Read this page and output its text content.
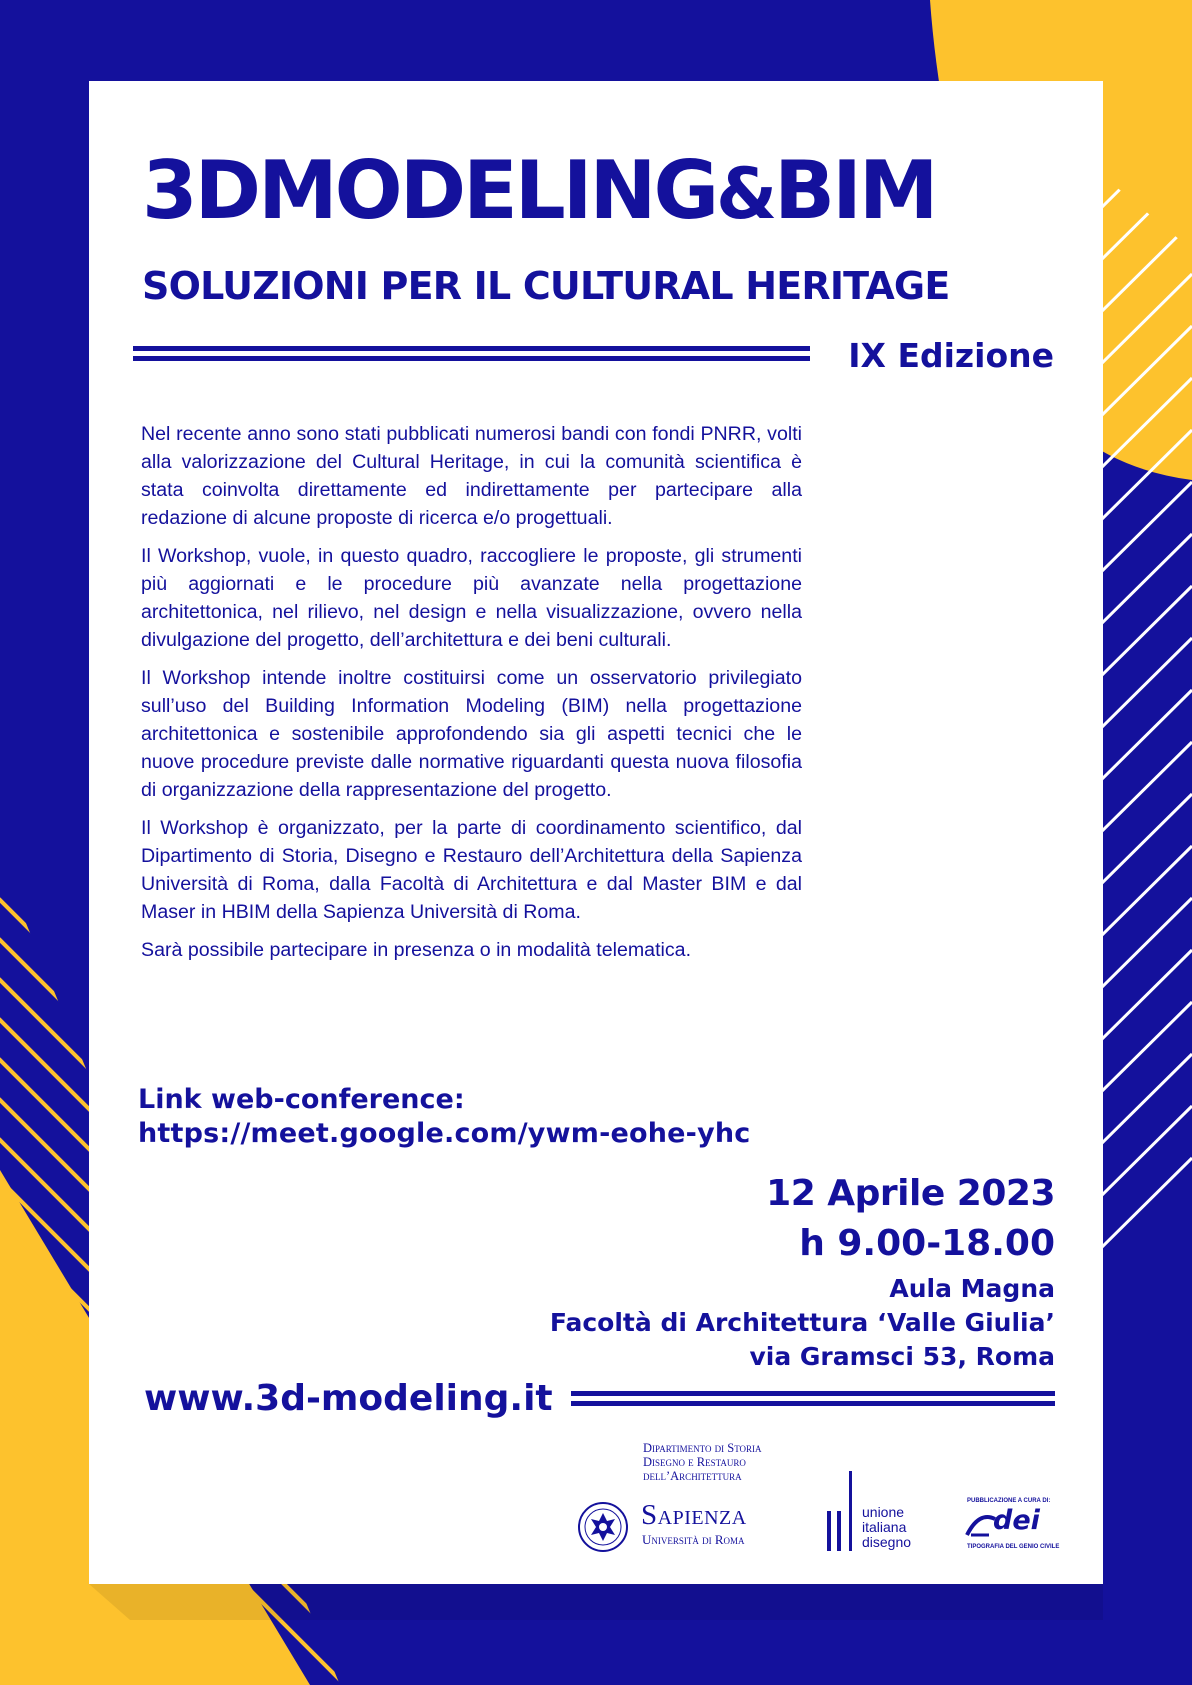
3DMODELING&BIM
SOLUZIONI PER IL CULTURAL HERITAGE
IX Edizione

Nel recente anno sono stati pubblicati numerosi bandi con fondi PNRR, volti alla valorizzazione del Cultural Heritage, in cui la comunità scientifica è stata coinvolta direttamente ed indirettamente per partecipare alla redazione di alcune proposte di ricerca e/o progettuali.

Il Workshop, vuole, in questo quadro, raccogliere le proposte, gli strumenti più aggiornati e le procedure più avanzate nella progettazione architettonica, nel rilievo, nel design e nella visualizzazione, ovvero nella divulgazione del progetto, dell’architettura e dei beni culturali.

Il Workshop intende inoltre costituirsi come un osservatorio privilegiato sull’uso del Building Information Modeling (BIM) nella progettazione architettonica e sostenibile approfondendo sia gli aspetti tecnici che le nuove procedure previste dalle normative riguardanti questa nuova filosofia di organizzazione della rappresentazione del progetto.

Il Workshop è organizzato, per la parte di coordinamento scientifico, dal Dipartimento di Storia, Disegno e Restauro dell’Architettura della Sapienza Università di Roma, dalla Facoltà di Architettura e dal Master BIM e dal Maser in HBIM della Sapienza Università di Roma.

Sarà possibile partecipare in presenza o in modalità telematica.

Link web-conference:
https://meet.google.com/ywm-eohe-yhc
12 Aprile 2023
h 9.00-18.00
Aula Magna
Facoltà di Architettura ‘Valle Giulia’
via Gramsci 53, Roma
www.3d-modeling.it
Dipartimento di Storia
Disegno e Restauro
dell’Architettura
Sapienza
Università di Roma
unione
italiana
disegno
PUBBLICAZIONE A CURA DI:
dei
TIPOGRAFIA DEL GENIO CIVILE
